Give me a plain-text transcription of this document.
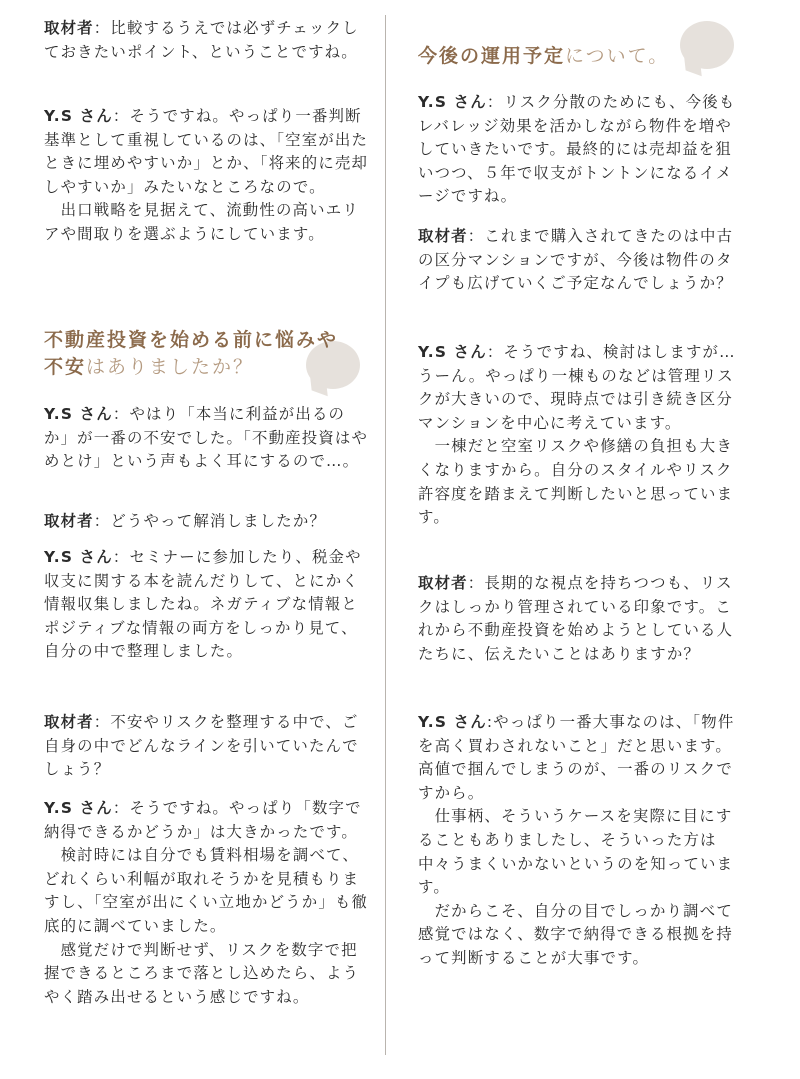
取材者：比較するうえでは必ずチェックしておきたいポイント、ということですね。

Y.S さん：そうですね。やっぱり一番判断基準として重視しているのは、「空室が出たときに埋めやすいか」とか、「将来的に売却しやすいか」みたいなところなので。
　出口戦略を見据えて、流動性の高いエリアや間取りを選ぶようにしています。

不動産投資を始める前に悩みや
不安はありましたか？

Y.S さん：やはり「本当に利益が出るのか」が一番の不安でした。「不動産投資はやめとけ」という声もよく耳にするので…。

取材者：どうやって解消しましたか？

Y.S さん：セミナーに参加したり、税金や収支に関する本を読んだりして、とにかく情報収集しましたね。ネガティブな情報とポジティブな情報の両方をしっかり見て、自分の中で整理しました。

取材者：不安やリスクを整理する中で、ご自身の中でどんなラインを引いていたんでしょう？

Y.S さん：そうですね。やっぱり「数字で納得できるかどうか」は大きかったです。
　検討時には自分でも賃料相場を調べて、どれくらい利幅が取れそうかを見積もりますし、「空室が出にくい立地かどうか」も徹底的に調べていました。
　感覚だけで判断せず、リスクを数字で把握できるところまで落とし込めたら、ようやく踏み出せるという感じですね。

今後の運用予定について。

Y.S さん：リスク分散のためにも、今後もレバレッジ効果を活かしながら物件を増やしていきたいです。最終的には売却益を狙いつつ、５年で収支がトントンになるイメージですね。

取材者：これまで購入されてきたのは中古の区分マンションですが、今後は物件のタイプも広げていくご予定なんでしょうか？

Y.S さん：そうですね、検討はしますが…うーん。やっぱり一棟ものなどは管理リスクが大きいので、現時点では引き続き区分マンションを中心に考えています。
　一棟だと空室リスクや修繕の負担も大きくなりますから。自分のスタイルやリスク許容度を踏まえて判断したいと思っています。

取材者：長期的な視点を持ちつつも、リスクはしっかり管理されている印象です。これから不動産投資を始めようとしている人たちに、伝えたいことはありますか？

Y.S さん:やっぱり一番大事なのは、「物件を高く買わされないこと」だと思います。高値で掴んでしまうのが、一番のリスクですから。
　仕事柄、そういうケースを実際に目にすることもありましたし、そういった方は中々うまくいかないというのを知っています。
　だからこそ、自分の目でしっかり調べて感覚ではなく、数字で納得できる根拠を持って判断することが大事です。
